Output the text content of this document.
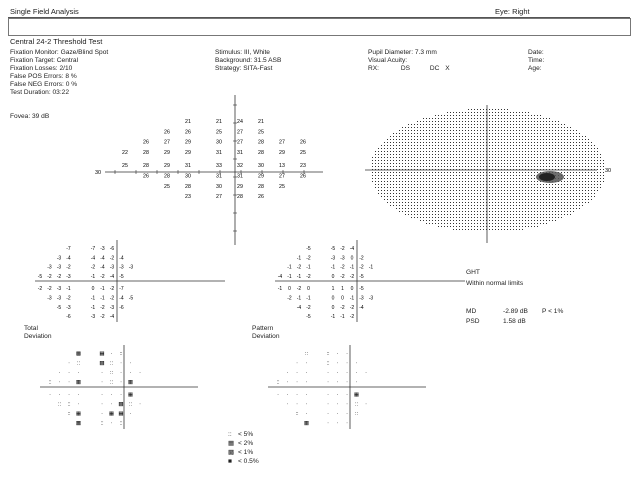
Single Field Analysis	Eye: Right
Central 24-2 Threshold Test
Fixation Monitor: Gaze/Blind Spot
Fixation Target: Central
Fixation Losses: 2/10
False POS Errors: 8 %
False NEG Errors: 0 %
Test Duration: 03:22
Stimulus: III, White
Background: 31.5 ASB
Strategy: SITA-Fast
Pupil Diameter: 7.3 mm
Visual Acuity:
RX:	DS	DC X
Date:
Time:
Age:
Fovea: 39 dB
30
21	21	24	21
26	26	25	27	25
26	27	29	30	27	28	27	26
22	28	29	29	31	31	28	29	25
25	28	29	31	33	32	30	13	23
26	28	30	31	31	29	27	26
25	28	30	29	28	25
23	27	28	26
30
-7	-7 -3 -6
-3 -4	-4 -4 -2 -4
-3 -3 -2	-2 -4 -3 -3 -3
-5 -2 -2 -3	-1 -2 -4 -5
-2 -2 -3 -1	0 -1 -2 -7
-3 -3 -2	-1 -1 -2 -4 -5
-5 -3	-1 -2 -3 -6
-6	-3 -2 -4
-5	-5 -2 -4
-1 -2	-3 -3 0 -2
-1 -2 -1	-1 -2 -1 -2 -1
-4 -1 -1 -2	0 -2 -2 -5
-1 0 -2 0	1 1 0 -5
-2 -1 -1	0 0 -1 -3 -3
-4 -2	0 -2 -2 -4
-5	-1 -1 -2
GHT
Within normal limits
MD	-2.89 dB P < 1%
PSD	1.58 dB
Total
Deviation
Pattern
Deviation
▩	▦ · ::
· ::	▦ :: · ·
· · ·	· :: · · ·
:: · · ▦	· :: · ▦
· · · ·	· · · ▦
:: :: ·	· · ▦ :: ·
:: ▦	· ▦ ▦ ·
▩	:: · ::
::	:: · ·
· ·	:: · · ·
· · ·	· · · · ·
:: · · ·	· · · ·
· · · ·	· · · ▦
· · ·	· · · :: ·
:: ·	· · · ::
▦	· · ·
:: < 5%
▦ < 2%
▩ < 1%
■ < 0.5%
